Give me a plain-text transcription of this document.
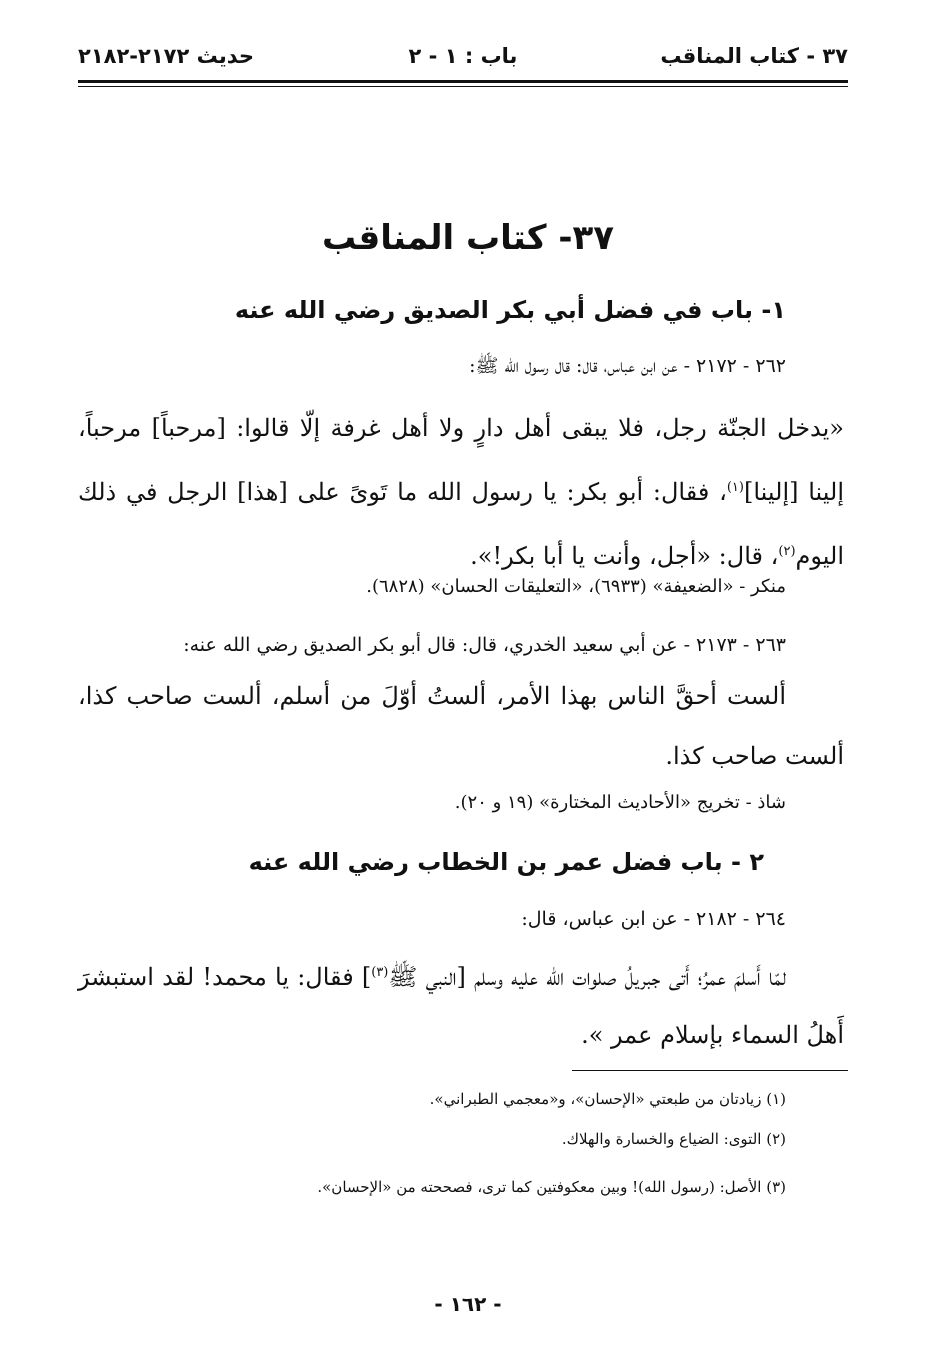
٣٧ - كتاب المناقب
باب : ١ - ٢
حديث ٢١٧٢-٢١٨٢
٣٧- كتاب المناقب
١- باب في فضل أبي بكر الصديق رضي الله عنه
٢٦٢ - ٢١٧٢ - عن ابن عباس، قال: قال رسول الله ﷺ:
«يدخل الجنّة رجل، فلا يبقى أهل دارٍ ولا أهل غرفة إلّا قالوا: [مرحباً] مرحباً، إلينا [إلينا]$^{(١)}$، فقال: أبو بكر: يا رسول الله ما تَوىً على [هذا] الرجل في ذلك اليوم$^{(٢)}$، قال: «أجل، وأنت يا أبا بكر!».
منكر - «الضعيفة» (٦٩٣٣)، «التعليقات الحسان» (٦٨٢٨).
٢٦٣ - ٢١٧٣ - عن أبي سعيد الخدري، قال: قال أبو بكر الصديق رضي الله عنه:
ألست أحقَّ الناس بهذا الأمر، ألستُ أوّلَ من أسلم، ألست صاحب كذا، ألست صاحب كذا.
شاذ - تخريج «الأحاديث المختارة» (١٩ و ٢٠).
٢ - باب فضل عمر بن الخطاب رضي الله عنه
٢٦٤ - ٢١٨٢ - عن ابن عباس، قال:
لمّا أَسلمَ عمرُ؛ أَتى جبريلُ صلوات الله عليه وسلم [النبي ﷺ$^{(٣)}$] فقال: يا محمد! لقد استبشرَ أَهلُ السماء بإسلام عمر ».
(١) زيادتان من طبعتي «الإحسان»، و«معجمي الطبراني».
(٢) التوى: الضياع والخسارة والهلاك.
(٣) الأصل: (رسول الله)! وبين معكوفتين كما ترى، فصححته من «الإحسان».
- ١٦٢ -
